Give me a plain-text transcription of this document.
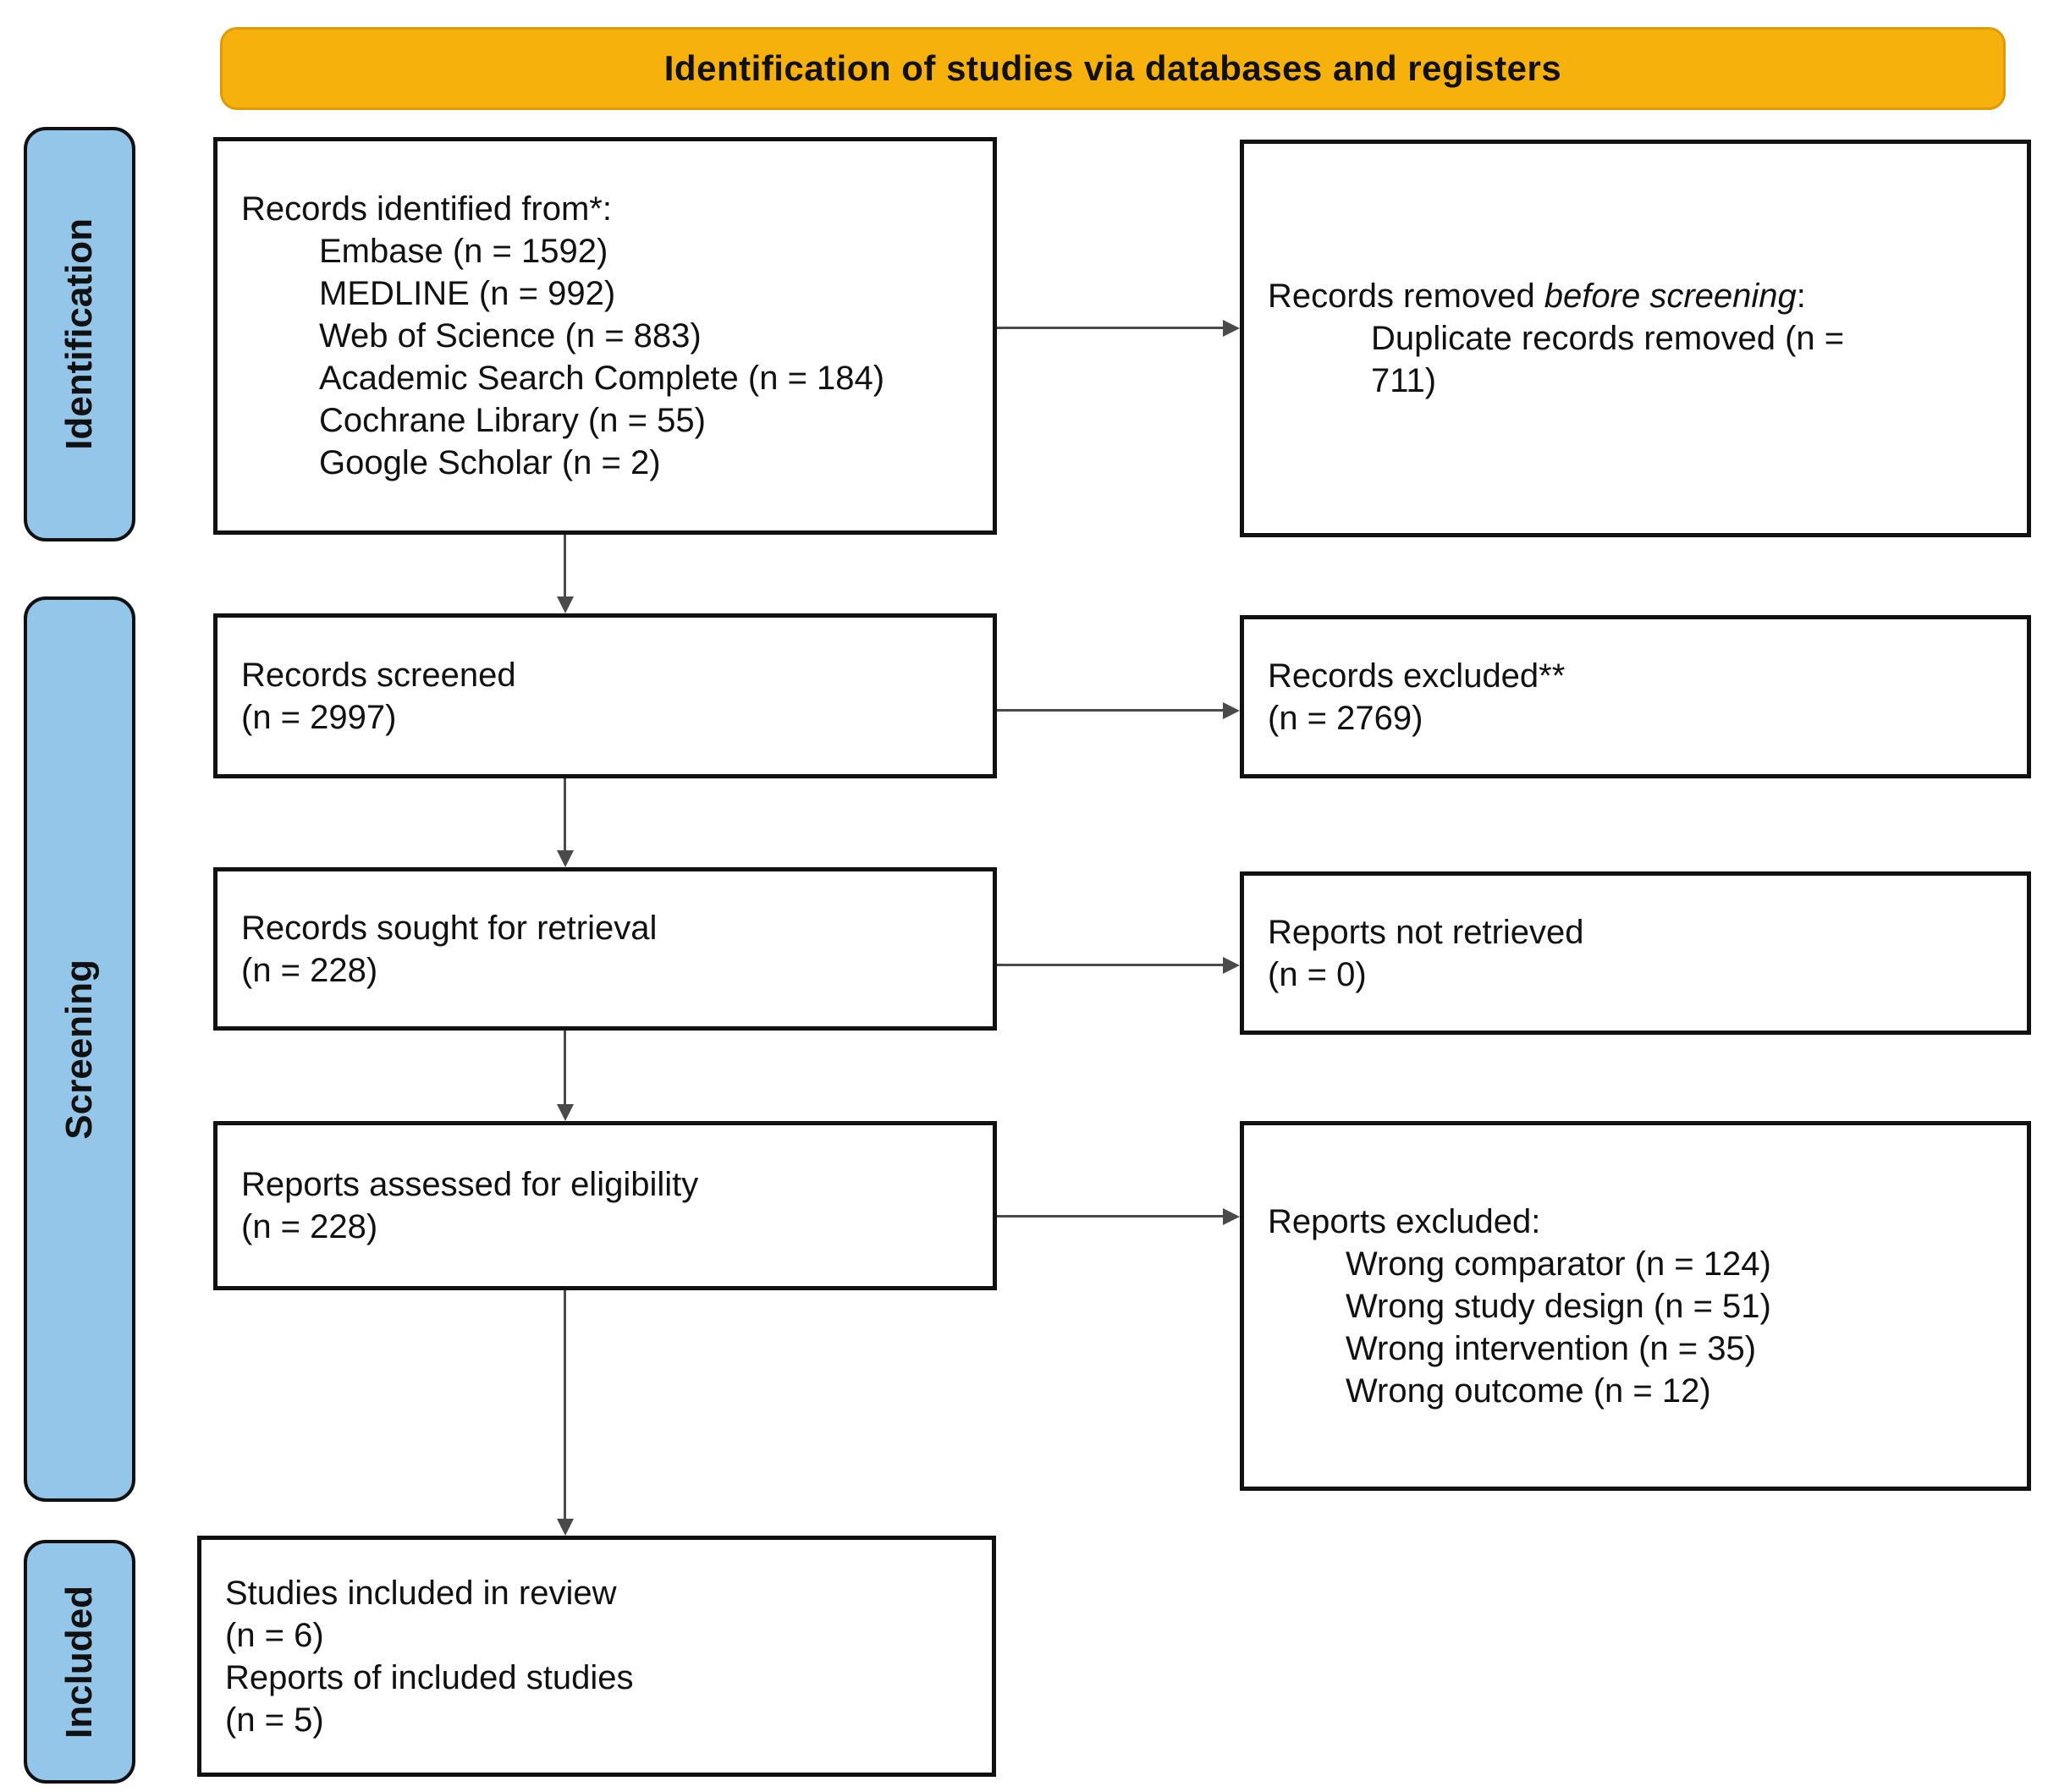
Identification of studies via databases and registers
Identification
Screening
Included
Records identified from*:
Embase (n = 1592)
MEDLINE (n = 992)
Web of Science (n = 883)
Academic Search Complete (n = 184)
Cochrane Library (n = 55)
Google Scholar (n = 2)
Records removed before screening:
Duplicate records removed (n = 711)
Records screened
(n = 2997)
Records excluded**
(n = 2769)
Records sought for retrieval
(n = 228)
Reports not retrieved
(n = 0)
Reports assessed for eligibility
(n = 228)	Reports excluded:
Wrong comparator (n = 124)
Wrong study design (n = 51)
Wrong intervention (n = 35)
Wrong outcome (n = 12)
Studies included in review
(n = 6)
Reports of included studies
(n = 5)
